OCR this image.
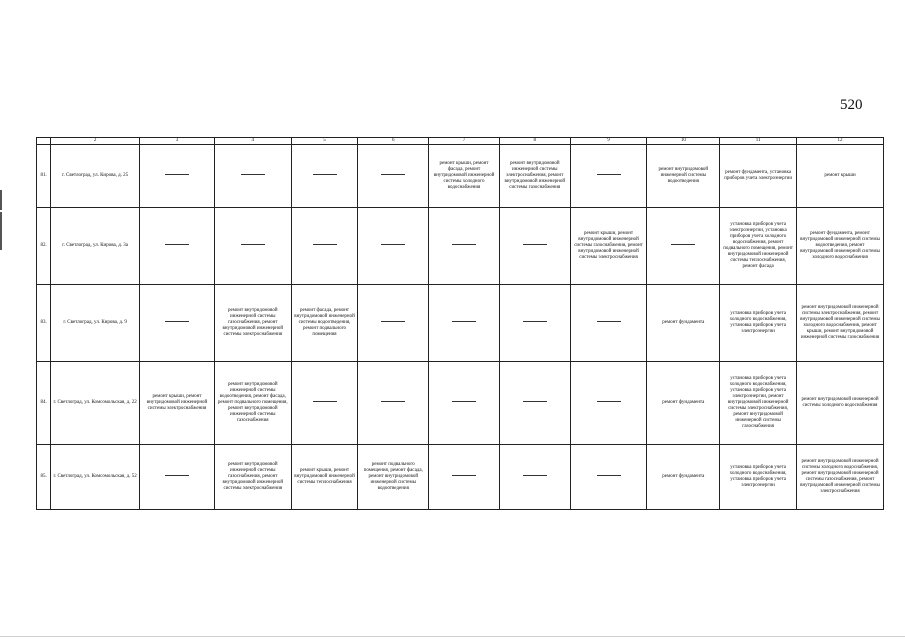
520
	2	3	4	5	6	7	8	9	10	11	12
81.	г. Светлоград, ул. Кирова, д. 25					ремонт крыши, ремонт фасада, ремонт внутридомовой инженерной системы холодного водоснабжения	ремонт внутридомовой инженерной системы электроснабжения, ремонт внутридомовой инженерной системы газоснабжения		ремонт внутридомовой инженерной системы водоотведения	ремонт фундамента, установка приборов учета электроэнергии	ремонт крыши
82.	г. Светлоград, ул. Кирова, д. 3а							ремонт крыши, ремонт внутридомовой инженерной системы газоснабжения, ремонт внутридомовой инженерной системы электроснабжения		установка приборов учета электроэнергии, установка приборов учета холодного водоснабжения, ремонт подвального помещения, ремонт внутридомовой инженерной системы теплоснабжения, ремонт фасада	ремонт фундамента, ремонт внутридомовой инженерной системы водоотведения, ремонт внутридомовой инженерной системы холодного водоснабжения
83.	г. Светлоград, ул. Кирова, д. 9		ремонт внутридомовой инженерной системы газоснабжения, ремонт внутридомовой инженерной системы электроснабжения	ремонт фасада, ремонт внутридомовой инженерной системы водоотведения, ремонт подвального помещения					ремонт фундамента	установка приборов учета холодного водоснабжения, установка приборов учета электроэнергии	ремонт внутридомовой инженерной системы электроснабжения, ремонт внутридомовой инженерной системы холодного водоснабжения, ремонт крыши, ремонт внутридомовой инженерной системы газоснабжения
84.	г. Светлоград, ул. Комсомольская, д. 22	ремонт крыши, ремонт внутридомовой инженерной системы электроснабжения	ремонт внутридомовой инженерной системы водоотведения, ремонт фасада, ремонт подвального помещения, ремонт внутридомовой инженерной системы газоснабжения						ремонт фундамента	установка приборов учета холодного водоснабжения, установка приборов учета электроэнергии, ремонт внутридомовой инженерной системы электроснабжения, ремонт внутридомовой инженерной системы газоснабжения	ремонт внутридомовой инженерной системы холодного водоснабжения
85.	г. Светлоград, ул. Комсомольская, д. 52		ремонт внутридомовой инженерной системы газоснабжения, ремонт внутридомовой инженерной системы электроснабжения	ремонт крыши, ремонт внутридомовой инженерной системы теплоснабжения	ремонт подвального помещения, ремонт фасада, ремонт внутридомовой инженерной системы водоотведения				ремонт фундамента	установка приборов учета холодного водоснабжения, установка приборов учета электроэнергии	ремонт внутридомовой инженерной системы холодного водоснабжения, ремонт внутридомовой инженерной системы газоснабжения, ремонт внутридомовой инженерной системы электроснабжения
